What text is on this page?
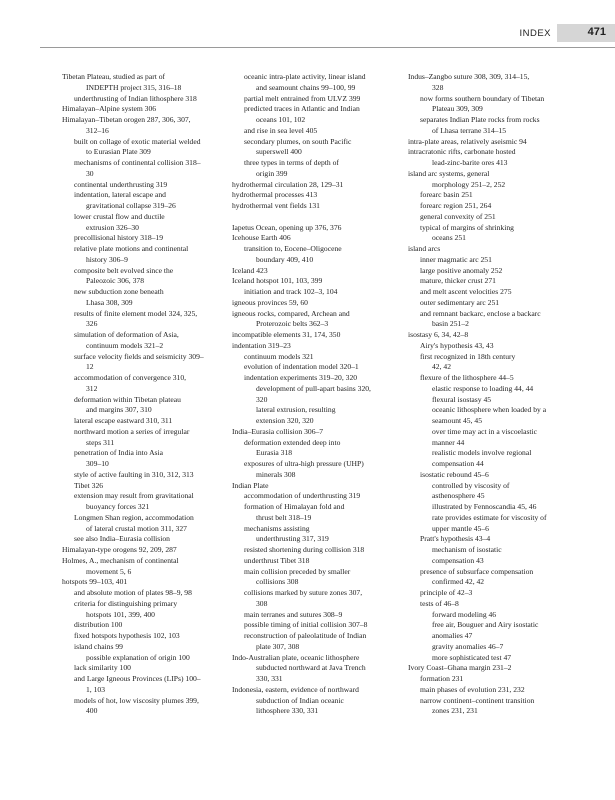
INDEX	471

Tibetan Plateau, studied as part of

INDEPTH project 315, 316–18

underthrusting of Indian lithosphere 318

Himalayan–Alpine system 306

Himalayan–Tibetan orogen 287, 306, 307,

312–16

built on collage of exotic material welded

to Eurasian Plate 309

mechanisms of continental collision 318–

30

continental underthrusting 319

indentation, lateral escape and

gravitational collapse 319–26

lower crustal flow and ductile

extrusion 326–30

precollisional history 318–19

relative plate motions and continental

history 306–9

composite belt evolved since the

Paleozoic 306, 378

new subduction zone beneath

Lhasa 308, 309

results of finite element model 324, 325,

326

simulation of deformation of Asia,

continuum models 321–2

surface velocity fields and seismicity 309–

12

accommodation of convergence 310,

312

deformation within Tibetan plateau

and margins 307, 310

lateral escape eastward 310, 311

northward motion a series of irregular

steps 311

penetration of India into Asia

309–10

style of active faulting in 310, 312, 313

Tibet 326

extension may result from gravitational

buoyancy forces 321

Longmen Shan region, accommodation

of lateral crustal motion 311, 327

see also India–Eurasia collision

Himalayan-type orogens 92, 209, 287

Holmes, A., mechanism of continental

movement 5, 6

hotspots 99–103, 401

and absolute motion of plates 98–9, 98

criteria for distinguishing primary

hotspots 101, 399, 400

distribution 100

fixed hotspots hypothesis 102, 103

island chains 99

possible explanation of origin 100

lack similarity 100

and Large Igneous Provinces (LIPs) 100–

1, 103

models of hot, low viscosity plumes 399,

400

oceanic intra-plate activity, linear island

and seamount chains 99–100, 99

partial melt entrained from ULVZ 399

predicted traces in Atlantic and Indian

oceans 101, 102

and rise in sea level 405

secondary plumes, on south Pacific

superswell 400

three types in terms of depth of

origin 399

hydrothermal circulation 28, 129–31

hydrothermal processes 413

hydrothermal vent fields 131

Iapetus Ocean, opening up 376, 376

Icehouse Earth 406

transition to, Eocene–Oligocene

boundary 409, 410

Iceland 423

Iceland hotspot 101, 103, 399

initiation and track 102–3, 104

igneous provinces 59, 60

igneous rocks, compared, Archean and

Proterozoic belts 362–3

incompatible elements 31, 174, 350

indentation 319–23

continuum models 321

evolution of indentation model 320–1

indentation experiments 319–20, 320

development of pull-apart basins 320,

320

lateral extrusion, resulting

extension 320, 320

India–Eurasia collision 306–7

deformation extended deep into

Eurasia 318

exposures of ultra-high pressure (UHP)

minerals 308

Indian Plate

accommodation of underthrusting 319

formation of Himalayan fold and

thrust belt 318–19

mechanisms assisting

underthrusting 317, 319

resisted shortening during collision 318

underthrust Tibet 318

main collision preceded by smaller

collisions 308

collisions marked by suture zones 307,

308

main terranes and sutures 308–9

possible timing of initial collision 307–8

reconstruction of paleolatitude of Indian

plate 307, 308

Indo-Australian plate, oceanic lithosphere

subducted northward at Java Trench

330, 331

Indonesia, eastern, evidence of northward

subduction of Indian oceanic

lithosphere 330, 331

Indus–Zangbo suture 308, 309, 314–15,

328

now forms southern boundary of Tibetan

Plateau 309, 309

separates Indian Plate rocks from rocks

of Lhasa terrane 314–15

intra-plate areas, relatively aseismic 94

intracratonic rifts, carbonate hosted

lead-zinc-barite ores 413

island arc systems, general

morphology 251–2, 252

forearc basin 251

forearc region 251, 264

general convexity of 251

typical of margins of shrinking

oceans 251

island arcs

inner magmatic arc 251

large positive anomaly 252

mature, thicker crust 271

and melt ascent velocities 275

outer sedimentary arc 251

and remnant backarc, enclose a backarc

basin 251–2

isostasy 6, 34, 42–8

Airy's hypothesis 43, 43

first recognized in 18th century

42, 42

flexure of the lithosphere 44–5

elastic response to loading 44, 44

flexural isostasy 45

oceanic lithosphere when loaded by a

seamount 45, 45

over time may act in a viscoelastic

manner 44

realistic models involve regional

compensation 44

isostatic rebound 45–6

controlled by viscosity of

asthenosphere 45

illustrated by Fennoscandia 45, 46

rate provides estimate for viscosity of

upper mantle 45–6

Pratt's hypothesis 43–4

mechanism of isostatic

compensation 43

presence of subsurface compensation

confirmed 42, 42

principle of 42–3

tests of 46–8

forward modeling 46

free air, Bouguer and Airy isostatic

anomalies 47

gravity anomalies 46–7

more sophisticated test 47

Ivory Coast–Ghana margin 231–2

formation 231

main phases of evolution 231, 232

narrow continent–continent transition

zones 231, 231
